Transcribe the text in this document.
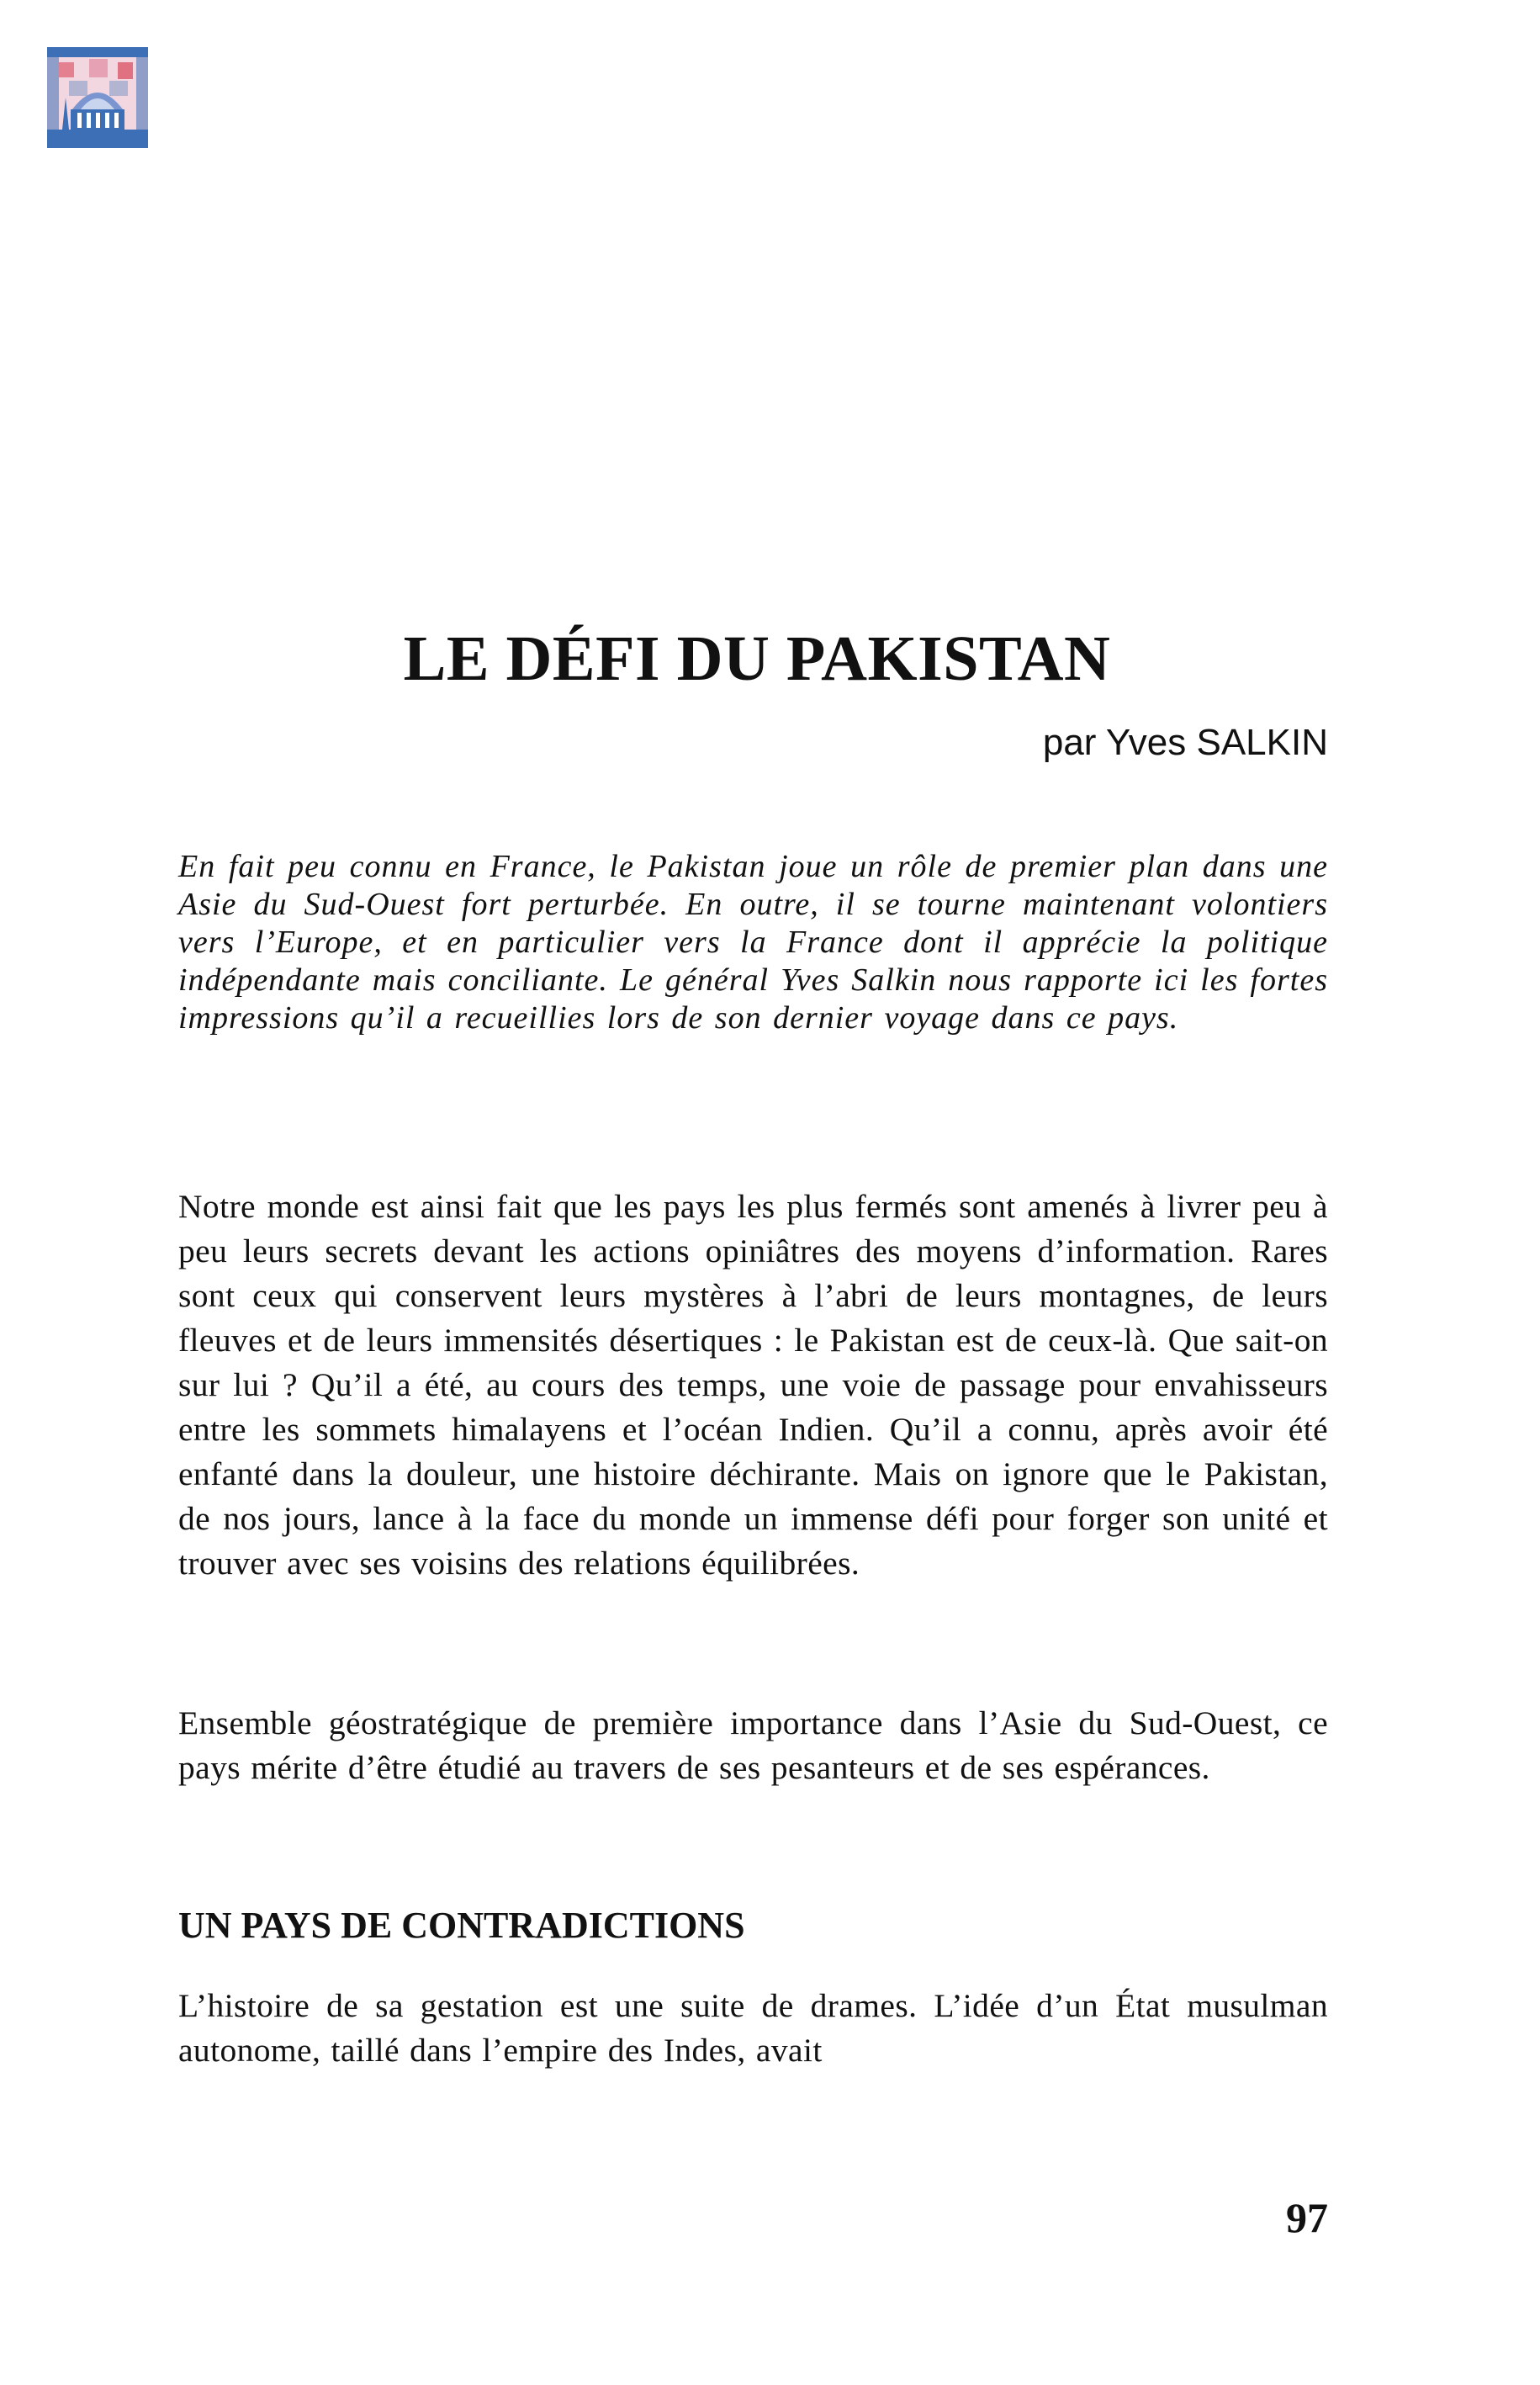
LE DÉFI DU PAKISTAN

par Yves SALKIN

En fait peu connu en France, le Pakistan joue un rôle de premier plan dans une Asie du Sud-Ouest fort perturbée. En outre, il se tourne maintenant volontiers vers l’Europe, et en particulier vers la France dont il apprécie la politique indépendante mais conciliante. Le général Yves Salkin nous rapporte ici les fortes impressions qu’il a recueillies lors de son dernier voyage dans ce pays.

Notre monde est ainsi fait que les pays les plus fermés sont amenés à livrer peu à peu leurs secrets devant les actions opiniâtres des moyens d’information. Rares sont ceux qui conservent leurs mystères à l’abri de leurs montagnes, de leurs fleuves et de leurs immensités désertiques : le Pakistan est de ceux-là. Que sait-on sur lui ? Qu’il a été, au cours des temps, une voie de passage pour envahisseurs entre les sommets himalayens et l’océan Indien. Qu’il a connu, après avoir été enfanté dans la douleur, une histoire déchirante. Mais on ignore que le Pakistan, de nos jours, lance à la face du monde un immense défi pour forger son unité et trouver avec ses voisins des relations équilibrées.

Ensemble géostratégique de première importance dans l’Asie du Sud-Ouest, ce pays mérite d’être étudié au travers de ses pesanteurs et de ses espérances.

UN PAYS DE CONTRADICTIONS

L’histoire de sa gestation est une suite de drames. L’idée d’un État musulman autonome, taillé dans l’empire des Indes, avait

97
